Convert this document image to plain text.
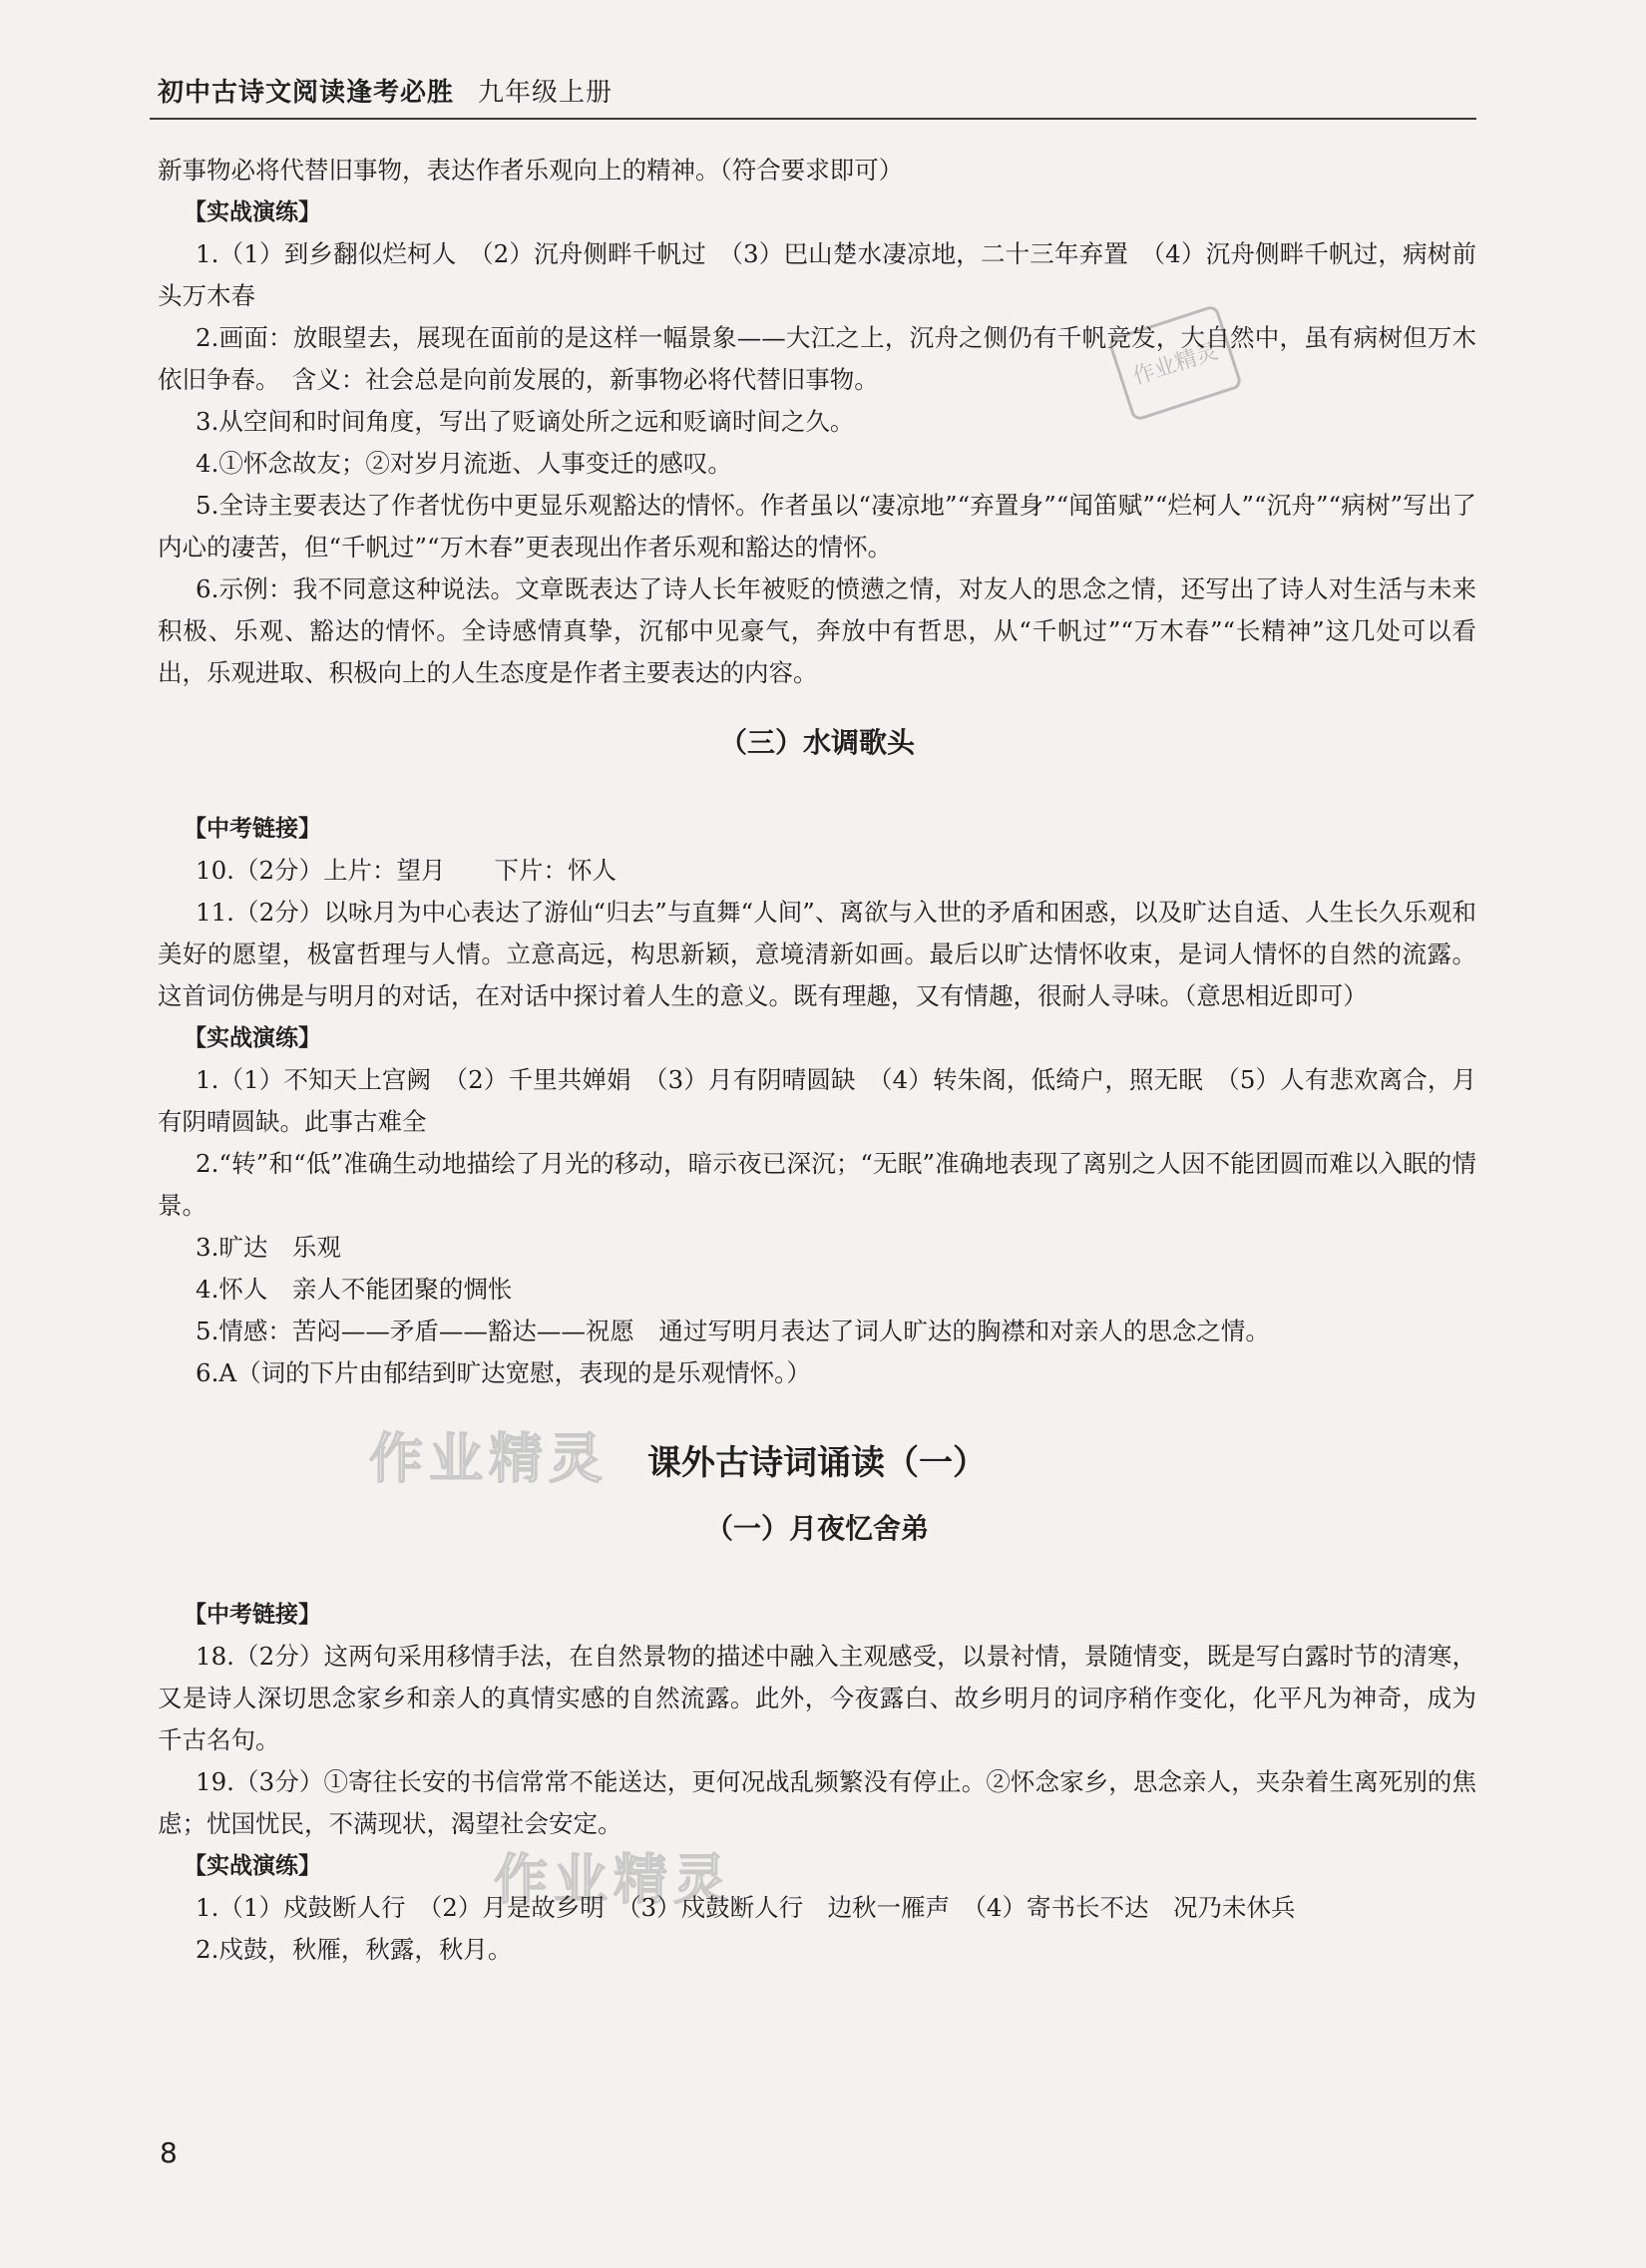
初中古诗文阅读逢考必胜 九年级上册
作业精灵
作业精灵
作业精灵

新事物必将代替旧事物，表达作者乐观向上的精神。（符合要求即可）

【实战演练】

1.（1）到乡翻似烂柯人　（2）沉舟侧畔千帆过　（3）巴山楚水凄凉地，二十三年弃置　（4）沉舟侧畔千帆过，病树前头万木春

2.画面：放眼望去，展现在面前的是这样一幅景象——大江之上，沉舟之侧仍有千帆竞发，大自然中，虽有病树但万木依旧争春。　含义：社会总是向前发展的，新事物必将代替旧事物。

3.从空间和时间角度，写出了贬谪处所之远和贬谪时间之久。

4.①怀念故友；②对岁月流逝、人事变迁的感叹。

5.全诗主要表达了作者忧伤中更显乐观豁达的情怀。作者虽以“凄凉地”“弃置身”“闻笛赋”“烂柯人”“沉舟”“病树”写出了内心的凄苦，但“千帆过”“万木春”更表现出作者乐观和豁达的情怀。

6.示例：我不同意这种说法。文章既表达了诗人长年被贬的愤懑之情，对友人的思念之情，还写出了诗人对生活与未来积极、乐观、豁达的情怀。全诗感情真挚，沉郁中见豪气，奔放中有哲思，从“千帆过”“万木春”“长精神”这几处可以看出，乐观进取、积极向上的人生态度是作者主要表达的内容。

（三）水调歌头

【中考链接】

10.（2分）上片：望月　　下片：怀人

11.（2分）以咏月为中心表达了游仙“归去”与直舞“人间”、离欲与入世的矛盾和困惑，以及旷达自适、人生长久乐观和美好的愿望，极富哲理与人情。立意高远，构思新颖，意境清新如画。最后以旷达情怀收束，是词人情怀的自然的流露。这首词仿佛是与明月的对话，在对话中探讨着人生的意义。既有理趣，又有情趣，很耐人寻味。（意思相近即可）

【实战演练】

1.（1）不知天上宫阙　（2）千里共婵娟　（3）月有阴晴圆缺　（4）转朱阁，低绮户，照无眠　（5）人有悲欢离合，月有阴晴圆缺。此事古难全

2.“转”和“低”准确生动地描绘了月光的移动，暗示夜已深沉；“无眠”准确地表现了离别之人因不能团圆而难以入眠的情景。

3.旷达　乐观

4.怀人　亲人不能团聚的惆怅

5.情感：苦闷——矛盾——豁达——祝愿　通过写明月表达了词人旷达的胸襟和对亲人的思念之情。

6.A（词的下片由郁结到旷达宽慰，表现的是乐观情怀。）

课外古诗词诵读（一）
（一）月夜忆舍弟

【中考链接】

18.（2分）这两句采用移情手法，在自然景物的描述中融入主观感受，以景衬情，景随情变，既是写白露时节的清寒，又是诗人深切思念家乡和亲人的真情实感的自然流露。此外，今夜露白、故乡明月的词序稍作变化，化平凡为神奇，成为千古名句。

19.（3分）①寄往长安的书信常常不能送达，更何况战乱频繁没有停止。②怀念家乡，思念亲人，夹杂着生离死别的焦虑；忧国忧民，不满现状，渴望社会安定。

【实战演练】

1.（1）戍鼓断人行　（2）月是故乡明　（3）戍鼓断人行　边秋一雁声　（4）寄书长不达　况乃未休兵

2.戍鼓，秋雁，秋露，秋月。

8
